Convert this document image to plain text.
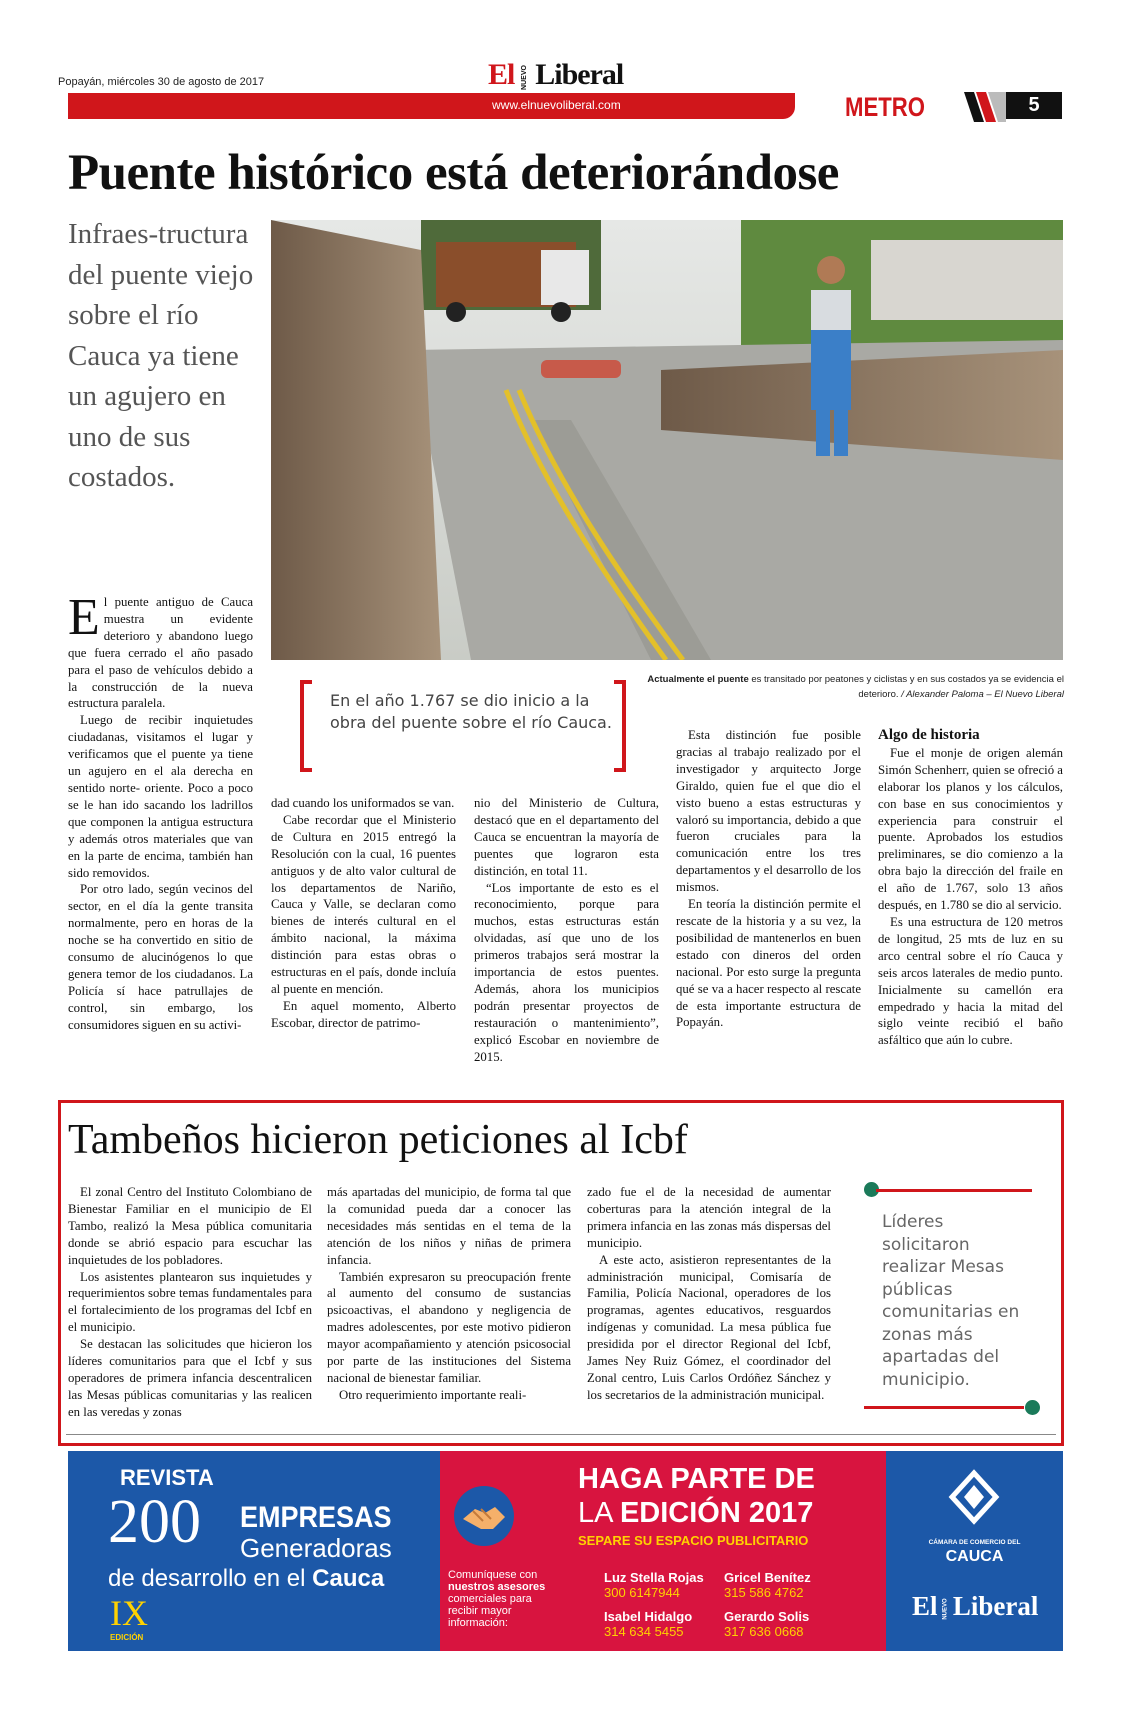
Popayán, miércoles 30 de agosto de 2017	El NUEVO Liberal
www.elnuevoliberal.com	METRO	5
Puente histórico está deteriorándose
Infraes-tructura del puente viejo sobre el río Cauca ya tiene un agujero en uno de sus costados.
Actualmente el puente es transitado por peatones y ciclistas y en sus costados ya se evidencia el deterioro. / Alexander Paloma – El Nuevo Liberal
En el año 1.767 se dio inicio a la obra del puente sobre el río Cauca.

El puente antiguo de Cauca muestra un evidente deterioro y abandono luego que fuera cerrado el año pasado para el paso de vehículos debido a la construcción de la nueva estructura paralela.

Luego de recibir inquietudes ciudadanas, visitamos el lugar y verificamos que el puente ya tiene un agujero en el ala derecha en sentido norte- oriente. Poco a poco se le han ido sacando los ladrillos que componen la antigua estructura y además otros materiales que van en la parte de encima, también han sido removidos.

Por otro lado, según vecinos del sector, en el día la gente transita normalmente, pero en horas de la noche se ha convertido en sitio de consumo de alucinógenos lo que genera temor de los ciudadanos. La Policía sí hace patrullajes de control, sin embargo, los consumidores siguen en su activi-

dad cuando los uniformados se van.

Cabe recordar que el Ministerio de Cultura en 2015 entregó la Resolución con la cual, 16 puentes antiguos y de alto valor cultural de los departamentos de Nariño, Cauca y Valle, se declaran como bienes de interés cultural en el ámbito nacional, la máxima distinción para estas obras o estructuras en el país, donde incluía al puente en mención.

En aquel momento, Alberto Escobar, director de patrimo-

nio del Ministerio de Cultura, destacó que en el departamento del Cauca se encuentran la mayoría de puentes que lograron esta distinción, en total 11.

“Los importante de esto es el reconocimiento, porque para muchos, estas estructuras están olvidadas, así que uno de los primeros trabajos será mostrar la importancia de estos puentes. Además, ahora los municipios podrán presentar proyectos de restauración o mantenimiento”, explicó Escobar en noviembre de 2015.

Esta distinción fue posible gracias al trabajo realizado por el investigador y arquitecto Jorge Giraldo, quien fue el que dio el visto bueno a estas estructuras y valoró su importancia, debido a que fueron cruciales para la comunicación entre los tres departamentos y el desarrollo de los mismos.

En teoría la distinción permite el rescate de la historia y a su vez, la posibilidad de mantenerlos en buen estado con dineros del orden nacional. Por esto surge la pregunta qué se va a hacer respecto al rescate de esta importante estructura de Popayán.

Algo de historia

Fue el monje de origen alemán Simón Schenherr, quien se ofreció a elaborar los planos y los cálculos, con base en sus conocimientos y experiencia para construir el puente. Aprobados los estudios preliminares, se dio comienzo a la obra bajo la dirección del fraile en el año de 1.767, solo 13 años después, en 1.780 se dio al servicio.

Es una estructura de 120 metros de longitud, 25 mts de luz en su arco central sobre el río Cauca y seis arcos laterales de medio punto. Inicialmente su camellón era empedrado y hacia la mitad del siglo veinte recibió el baño asfáltico que aún lo cubre.

Tambeños hicieron peticiones al Icbf

El zonal Centro del Instituto Colombiano de Bienestar Familiar en el municipio de El Tambo, realizó la Mesa pública comunitaria donde se abrió espacio para escuchar las inquietudes de los pobladores.

Los asistentes plantearon sus inquietudes y requerimientos sobre temas fundamentales para el fortalecimiento de los programas del Icbf en el municipio.

Se destacan las solicitudes que hicieron los líderes comunitarios para que el Icbf y sus operadores de primera infancia descentralicen las Mesas públicas comunitarias y las realicen en las veredas y zonas

más apartadas del municipio, de forma tal que la comunidad pueda dar a conocer las necesidades más sentidas en el tema de la atención de los niños y niñas de primera infancia.

También expresaron su preocupación frente al aumento del consumo de sustancias psicoactivas, el abandono y negligencia de madres adolescentes, por este motivo pidieron mayor acompañamiento y atención psicosocial por parte de las instituciones del Sistema nacional de bienestar familiar.

Otro requerimiento importante reali-

zado fue el de la necesidad de aumentar coberturas para la atención integral de la primera infancia en las zonas más dispersas del municipio.

A este acto, asistieron representantes de la administración municipal, Comisaría de Familia, Policía Nacional, operadores de los programas, agentes educativos, resguardos indígenas y comunidad. La mesa pública fue presidida por el director Regional del Icbf, James Ney Ruiz Gómez, el coordinador del Zonal centro, Luis Carlos Ordóñez Sánchez y los secretarios de la administración municipal.

Líderes solicitaron realizar Mesas públicas comunitarias en zonas más apartadas del municipio.
REVISTA
200 EMPRESAS
Generadoras
de desarrollo en el Cauca
IX
EDICIÓN
HAGA PARTE DE
LA EDICIÓN 2017
SEPARE SU ESPACIO PUBLICITARIO
Comuníquese con
nuestros asesores
comerciales para
recibir mayor
información:
Luz Stella Rojas
300 6147944
Gricel Benítez
315 586 4762
Isabel Hidalgo
314 634 5455
Gerardo Solis
317 636 0668
CÁMARA DE COMERCIO DEL
CAUCA
El NUEVO Liberal
